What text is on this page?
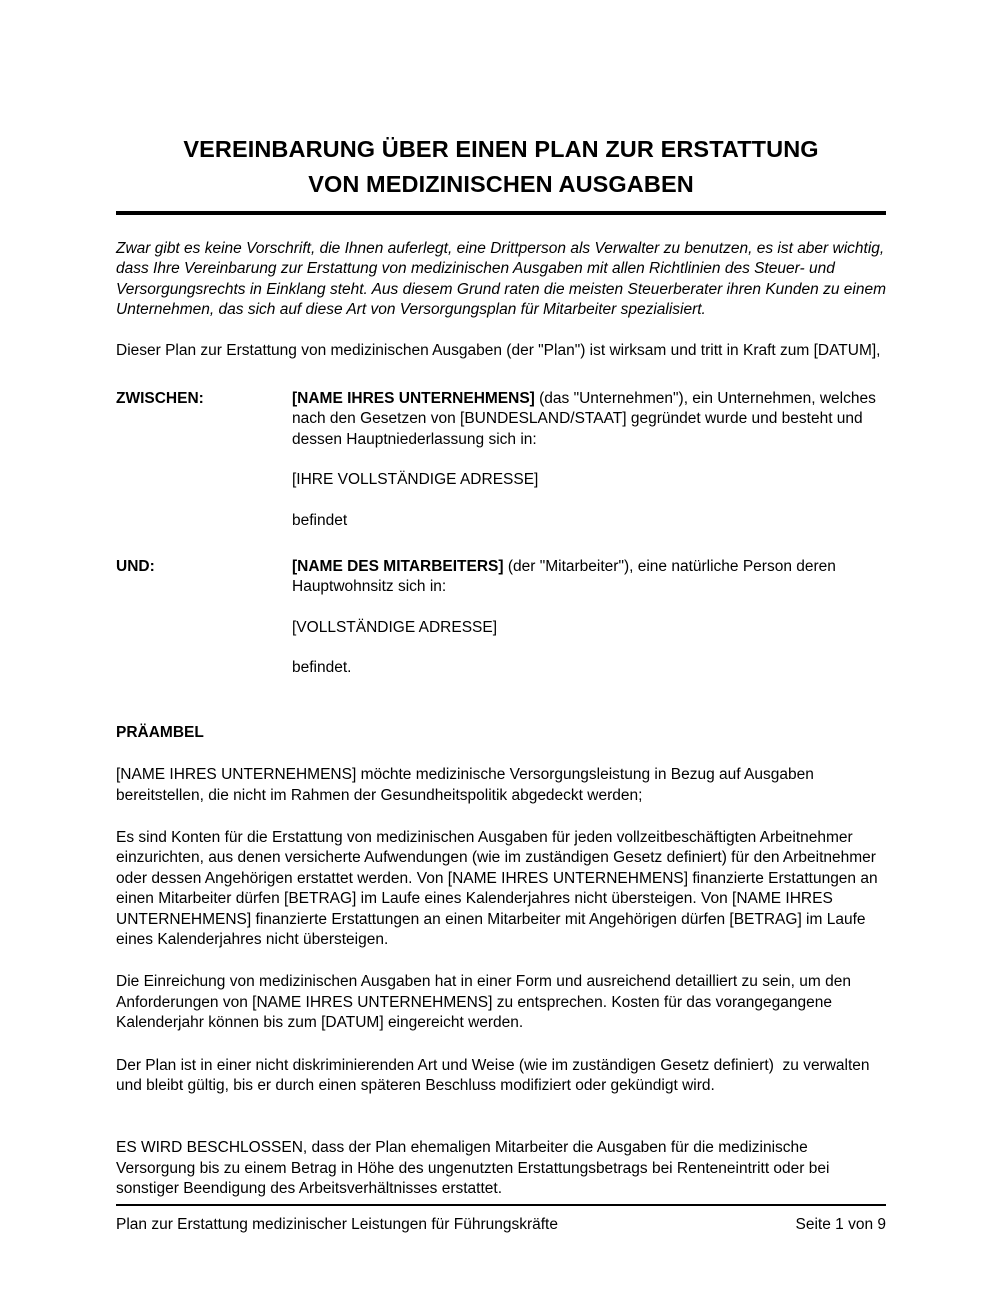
VEREINBARUNG ÜBER EINEN PLAN ZUR ERSTATTUNG
VON MEDIZINISCHEN AUSGABEN

Zwar gibt es keine Vorschrift, die Ihnen auferlegt, eine Drittperson als Verwalter zu benutzen, es ist aber wichtig, dass Ihre Vereinbarung zur Erstattung von medizinischen Ausgaben mit allen Richtlinien des Steuer- und Versorgungsrechts in Einklang steht. Aus diesem Grund raten die meisten Steuerberater ihren Kunden zu einem Unternehmen, das sich auf diese Art von Versorgungsplan für Mitarbeiter spezialisiert.

Dieser Plan zur Erstattung von medizinischen Ausgaben (der "Plan") ist wirksam und tritt in Kraft zum [DATUM],

ZWISCHEN:	[NAME IHRES UNTERNEHMENS] (das "Unternehmen"), ein Unternehmen, welches nach den Gesetzen von [BUNDESLAND/STAAT] gegründet wurde und besteht und dessen Hauptniederlassung sich in:
[IHRE VOLLSTÄNDIGE ADRESSE]
befindet

UND:	[NAME DES MITARBEITERS] (der "Mitarbeiter"), eine natürliche Person deren Hauptwohnsitz sich in:
[VOLLSTÄNDIGE ADRESSE]
befindet.
PRÄAMBEL

[NAME IHRES UNTERNEHMENS] möchte medizinische Versorgungsleistung in Bezug auf Ausgaben bereitstellen, die nicht im Rahmen der Gesundheitspolitik abgedeckt werden;

Es sind Konten für die Erstattung von medizinischen Ausgaben für jeden vollzeitbeschäftigten Arbeitnehmer einzurichten, aus denen versicherte Aufwendungen (wie im zuständigen Gesetz definiert) für den Arbeitnehmer oder dessen Angehörigen erstattet werden. Von [NAME IHRES UNTERNEHMENS] finanzierte Erstattungen an einen Mitarbeiter dürfen [BETRAG] im Laufe eines Kalenderjahres nicht übersteigen. Von [NAME IHRES UNTERNEHMENS] finanzierte Erstattungen an einen Mitarbeiter mit Angehörigen dürfen [BETRAG] im Laufe eines Kalenderjahres nicht übersteigen.

Die Einreichung von medizinischen Ausgaben hat in einer Form und ausreichend detailliert zu sein, um den Anforderungen von [NAME IHRES UNTERNEHMENS] zu entsprechen. Kosten für das vorangegangene Kalenderjahr können bis zum [DATUM] eingereicht werden.

Der Plan ist in einer nicht diskriminierenden Art und Weise (wie im zuständigen Gesetz definiert)  zu verwalten und bleibt gültig, bis er durch einen späteren Beschluss modifiziert oder gekündigt wird.

ES WIRD BESCHLOSSEN, dass der Plan ehemaligen Mitarbeiter die Ausgaben für die medizinische Versorgung bis zu einem Betrag in Höhe des ungenutzten Erstattungsbetrags bei Renteneintritt oder bei sonstiger Beendigung des Arbeitsverhältnisses erstattet.

Plan zur Erstattung medizinischer Leistungen für Führungskräfte	Seite 1 von 9
